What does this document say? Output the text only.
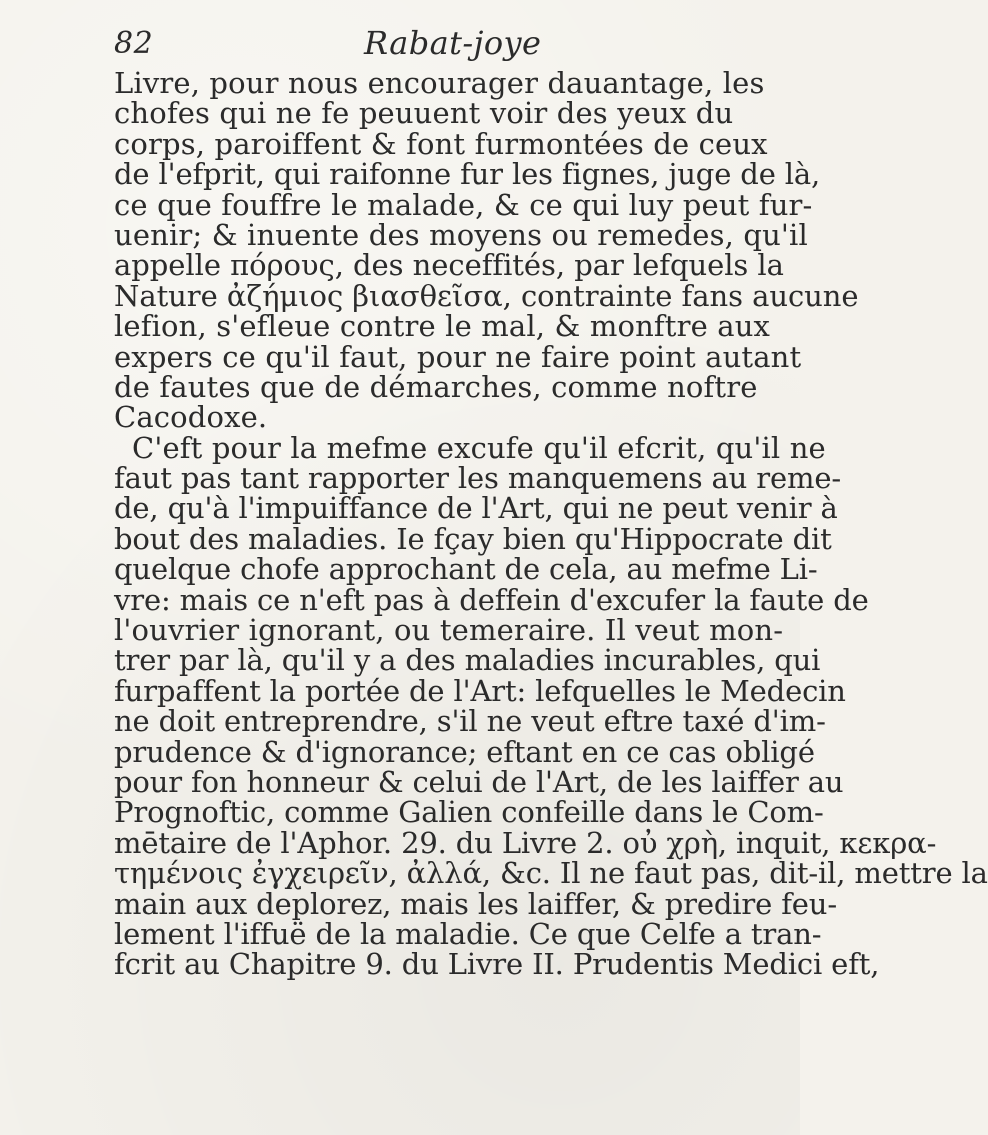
82	Rabat-joye
Livre, pour nous encourager dauantage, les
chofes qui ne fe peuuent voir des yeux du
corps, paroiffent & font furmontées de ceux
de l'efprit, qui raifonne fur les fignes, juge de là,
ce que fouffre le malade, & ce qui luy peut fur-
uenir; & inuente des moyens ou remedes, qu'il
appelle πόρους, des neceffités, par lefquels la
Nature ἀζήμιος βιασθεῖσα, contrainte fans aucune
lefion, s'efleue contre le mal, & monftre aux
expers ce qu'il faut, pour ne faire point autant
de fautes que de démarches, comme noftre
Cacodoxe.
C'eft pour la mefme excufe qu'il efcrit, qu'il ne
faut pas tant rapporter les manquemens au reme-
de, qu'à l'impuiffance de l'Art, qui ne peut venir à
bout des maladies. Ie fçay bien qu'Hippocrate dit
quelque chofe approchant de cela, au mefme Li-
vre: mais ce n'eft pas à deffein d'excufer la faute de
l'ouvrier ignorant, ou temeraire. Il veut mon-
trer par là, qu'il y a des maladies incurables, qui
furpaffent la portée de l'Art: lefquelles le Medecin
ne doit entreprendre, s'il ne veut eftre taxé d'im-
prudence & d'ignorance; eftant en ce cas obligé
pour fon honneur & celui de l'Art, de les laiffer au
Prognoftic, comme Galien confeille dans le Com-
mētaire de l'Aphor. 29. du Livre 2. οὐ χρὴ, inquit, κεκρα-
τημένοις ἐγχειρεῖν, ἀλλά, &c. Il ne faut pas, dit-il, mettre la
main aux deplorez, mais les laiffer, & predire feu-
lement l'iffuë de la maladie. Ce que Celfe a tran-
fcrit au Chapitre 9. du Livre II. Prudentis Medici eft,
